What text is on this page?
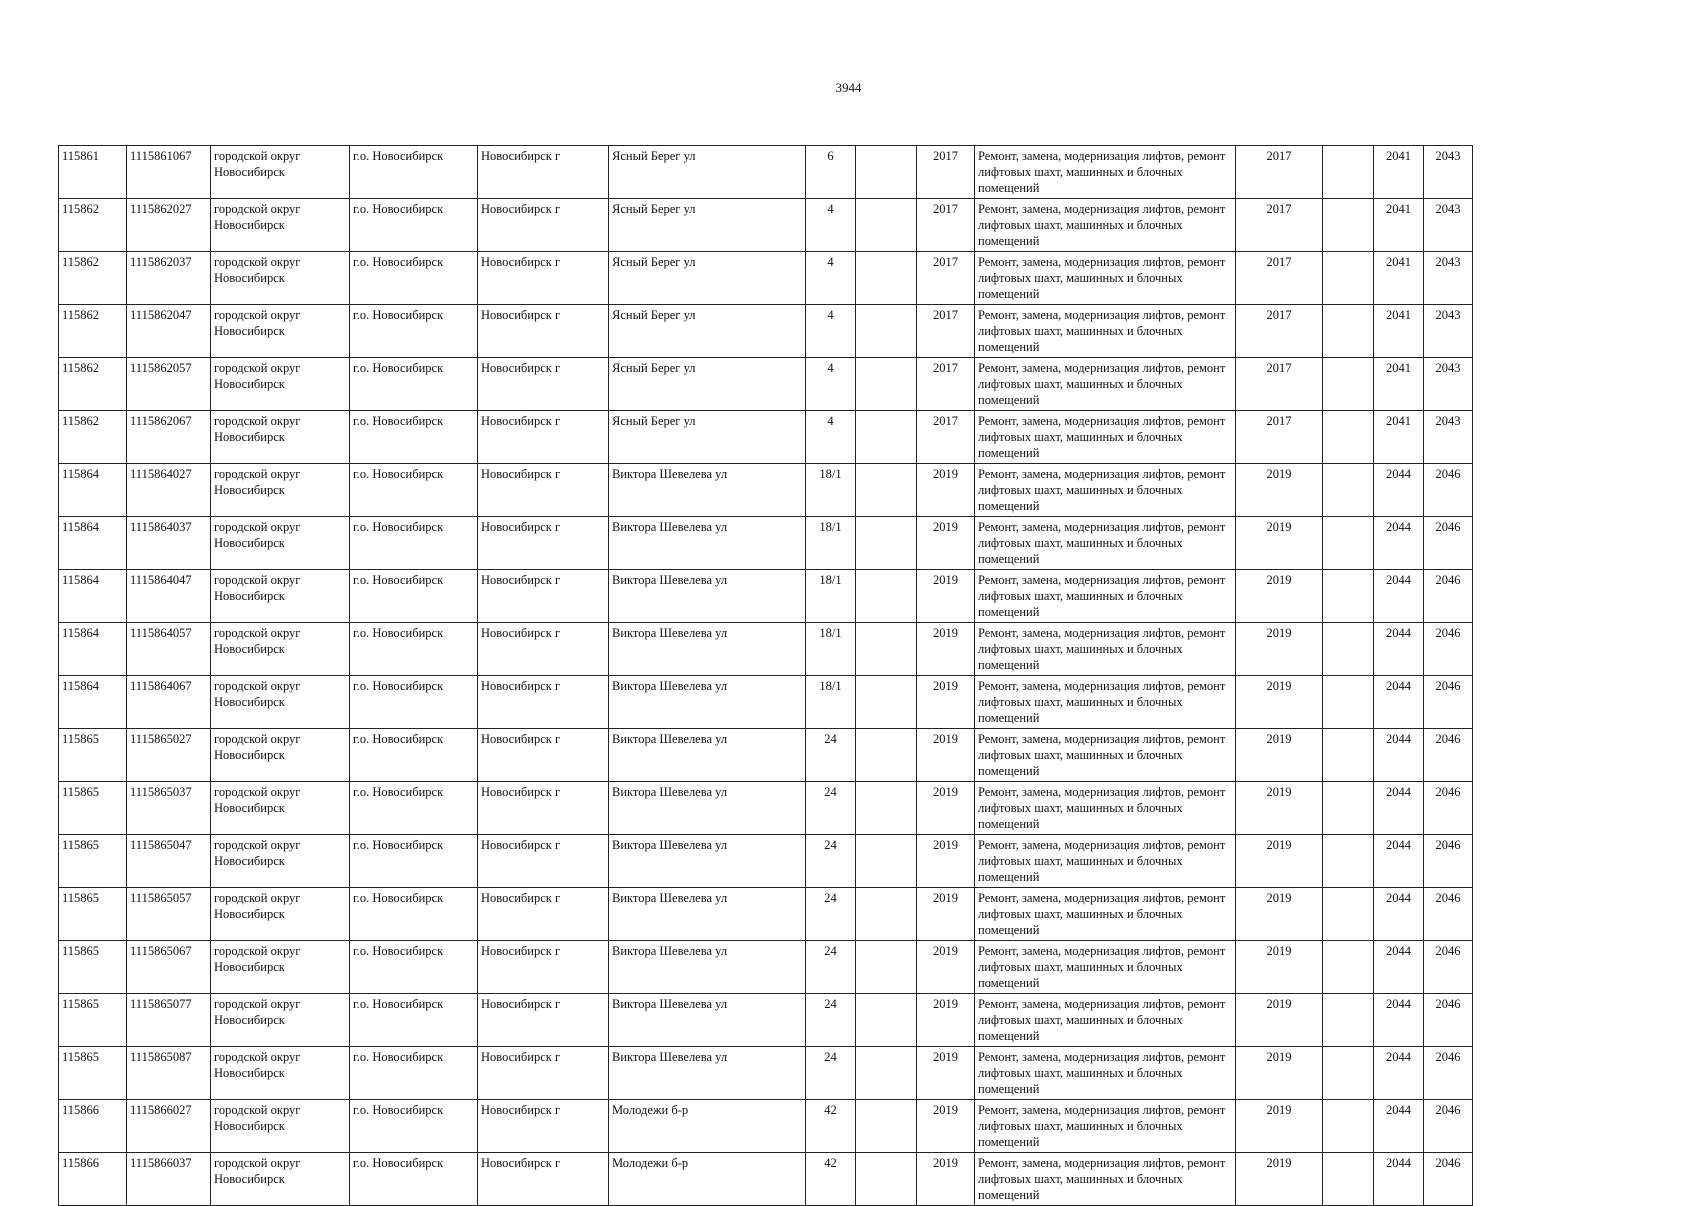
3944
115861	1115861067	городской округ Новосибирск	г.о. Новосибирск	Новосибирск г	Ясный Берег ул	6		2017	Ремонт, замена, модернизация лифтов, ремонт лифтовых шахт, машинных и блочных помещений	2017		2041	2043
115862	1115862027	городской округ Новосибирск	г.о. Новосибирск	Новосибирск г	Ясный Берег ул	4		2017	Ремонт, замена, модернизация лифтов, ремонт лифтовых шахт, машинных и блочных помещений	2017		2041	2043
115862	1115862037	городской округ Новосибирск	г.о. Новосибирск	Новосибирск г	Ясный Берег ул	4		2017	Ремонт, замена, модернизация лифтов, ремонт лифтовых шахт, машинных и блочных помещений	2017		2041	2043
115862	1115862047	городской округ Новосибирск	г.о. Новосибирск	Новосибирск г	Ясный Берег ул	4		2017	Ремонт, замена, модернизация лифтов, ремонт лифтовых шахт, машинных и блочных помещений	2017		2041	2043
115862	1115862057	городской округ Новосибирск	г.о. Новосибирск	Новосибирск г	Ясный Берег ул	4		2017	Ремонт, замена, модернизация лифтов, ремонт лифтовых шахт, машинных и блочных помещений	2017		2041	2043
115862	1115862067	городской округ Новосибирск	г.о. Новосибирск	Новосибирск г	Ясный Берег ул	4		2017	Ремонт, замена, модернизация лифтов, ремонт лифтовых шахт, машинных и блочных помещений	2017		2041	2043
115864	1115864027	городской округ Новосибирск	г.о. Новосибирск	Новосибирск г	Виктора Шевелева ул	18/1		2019	Ремонт, замена, модернизация лифтов, ремонт лифтовых шахт, машинных и блочных помещений	2019		2044	2046
115864	1115864037	городской округ Новосибирск	г.о. Новосибирск	Новосибирск г	Виктора Шевелева ул	18/1		2019	Ремонт, замена, модернизация лифтов, ремонт лифтовых шахт, машинных и блочных помещений	2019		2044	2046
115864	1115864047	городской округ Новосибирск	г.о. Новосибирск	Новосибирск г	Виктора Шевелева ул	18/1		2019	Ремонт, замена, модернизация лифтов, ремонт лифтовых шахт, машинных и блочных помещений	2019		2044	2046
115864	1115864057	городской округ Новосибирск	г.о. Новосибирск	Новосибирск г	Виктора Шевелева ул	18/1		2019	Ремонт, замена, модернизация лифтов, ремонт лифтовых шахт, машинных и блочных помещений	2019		2044	2046
115864	1115864067	городской округ Новосибирск	г.о. Новосибирск	Новосибирск г	Виктора Шевелева ул	18/1		2019	Ремонт, замена, модернизация лифтов, ремонт лифтовых шахт, машинных и блочных помещений	2019		2044	2046
115865	1115865027	городской округ Новосибирск	г.о. Новосибирск	Новосибирск г	Виктора Шевелева ул	24		2019	Ремонт, замена, модернизация лифтов, ремонт лифтовых шахт, машинных и блочных помещений	2019		2044	2046
115865	1115865037	городской округ Новосибирск	г.о. Новосибирск	Новосибирск г	Виктора Шевелева ул	24		2019	Ремонт, замена, модернизация лифтов, ремонт лифтовых шахт, машинных и блочных помещений	2019		2044	2046
115865	1115865047	городской округ Новосибирск	г.о. Новосибирск	Новосибирск г	Виктора Шевелева ул	24		2019	Ремонт, замена, модернизация лифтов, ремонт лифтовых шахт, машинных и блочных помещений	2019		2044	2046
115865	1115865057	городской округ Новосибирск	г.о. Новосибирск	Новосибирск г	Виктора Шевелева ул	24		2019	Ремонт, замена, модернизация лифтов, ремонт лифтовых шахт, машинных и блочных помещений	2019		2044	2046
115865	1115865067	городской округ Новосибирск	г.о. Новосибирск	Новосибирск г	Виктора Шевелева ул	24		2019	Ремонт, замена, модернизация лифтов, ремонт лифтовых шахт, машинных и блочных помещений	2019		2044	2046
115865	1115865077	городской округ Новосибирск	г.о. Новосибирск	Новосибирск г	Виктора Шевелева ул	24		2019	Ремонт, замена, модернизация лифтов, ремонт лифтовых шахт, машинных и блочных помещений	2019		2044	2046
115865	1115865087	городской округ Новосибирск	г.о. Новосибирск	Новосибирск г	Виктора Шевелева ул	24		2019	Ремонт, замена, модернизация лифтов, ремонт лифтовых шахт, машинных и блочных помещений	2019		2044	2046
115866	1115866027	городской округ Новосибирск	г.о. Новосибирск	Новосибирск г	Молодежи б-р	42		2019	Ремонт, замена, модернизация лифтов, ремонт лифтовых шахт, машинных и блочных помещений	2019		2044	2046
115866	1115866037	городской округ Новосибирск	г.о. Новосибирск	Новосибирск г	Молодежи б-р	42		2019	Ремонт, замена, модернизация лифтов, ремонт лифтовых шахт, машинных и блочных помещений	2019		2044	2046
